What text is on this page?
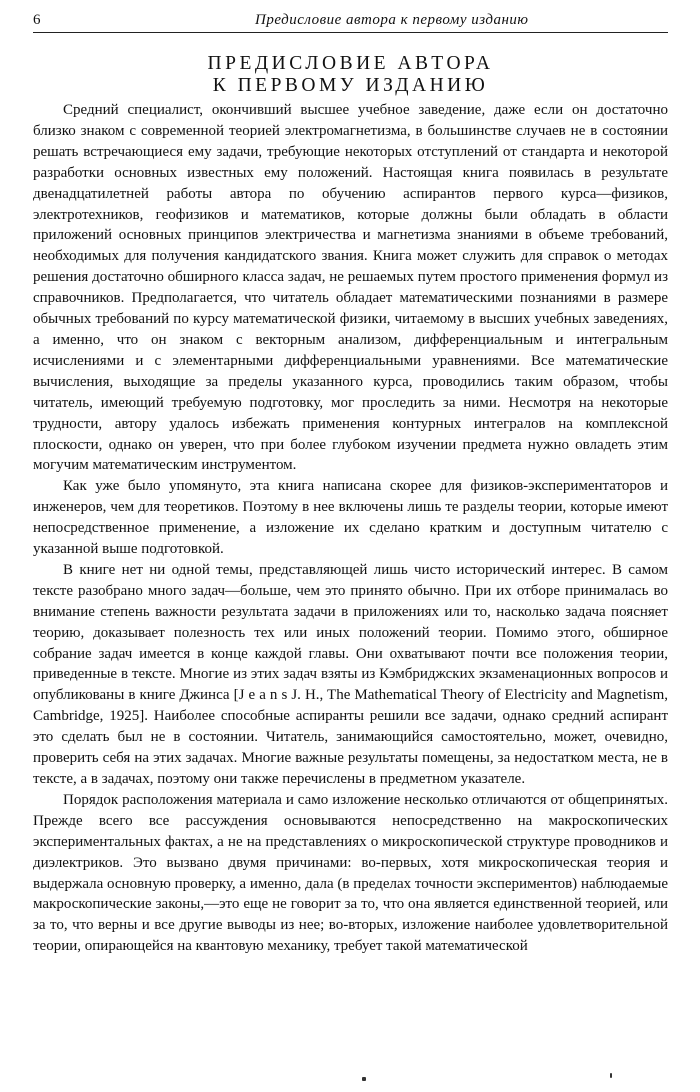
6	Предисловие автора к первому изданию
ПРЕДИСЛОВИЕ АВТОРА
К ПЕРВОМУ ИЗДАНИЮ

Средний специалист, окончивший высшее учебное заведение, даже если он достаточно близко знаком с современной теорией электромагнетизма, в большинстве случаев не в состоянии решать встречающиеся ему задачи, требующие некоторых отступлений от стандарта и некоторой разработки основных известных ему положений. Настоящая книга появилась в результате двенадцатилетней работы автора по обучению аспирантов первого курса—физиков, электротехников, геофизиков и математиков, которые должны были обладать в области приложений основных принципов электричества и магнетизма знаниями в объеме требований, необходимых для получения кандидатского звания. Книга может служить для справок о методах решения достаточно обширного класса задач, не решаемых путем простого применения формул из справочников. Предполагается, что читатель обладает математическими познаниями в размере обычных требований по курсу математической физики, читаемому в высших учебных заведениях, а именно, что он знаком с векторным анализом, дифференциальным и интегральным исчислениями и с элементарными дифференциальными уравнениями. Все математические вычисления, выходящие за пределы указанного курса, проводились таким образом, чтобы читатель, имеющий требуемую подготовку, мог проследить за ними. Несмотря на некоторые трудности, автору удалось избежать применения контурных интегралов на комплексной плоскости, однако он уверен, что при более глубоком изучении предмета нужно овладеть этим могучим математическим инструментом.

Как уже было упомянуто, эта книга написана скорее для физиков-экспериментаторов и инженеров, чем для теоретиков. Поэтому в нее включены лишь те разделы теории, которые имеют непосредственное применение, а изложение их сделано кратким и доступным читателю с указанной выше подготовкой.

В книге нет ни одной темы, представляющей лишь чисто исторический интерес. В самом тексте разобрано много задач—больше, чем это принято обычно. При их отборе принималась во внимание степень важности результата задачи в приложениях или то, насколько задача поясняет теорию, доказывает полезность тех или иных положений теории. Помимо этого, обширное собрание задач имеется в конце каждой главы. Они охватывают почти все положения теории, приведенные в тексте. Многие из этих задач взяты из Кэмбриджских экзаменационных вопросов и опубликованы в книге Джинса [J e a n s J. H., The Mathematical Theory of Electricity and Magnetism, Cambridge, 1925]. Наиболее способные аспиранты решили все задачи, однако средний аспирант это сделать был не в состоянии. Читатель, занимающийся самостоятельно, может, очевидно, проверить себя на этих задачах. Многие важные результаты помещены, за недостатком места, не в тексте, а в задачах, поэтому они также перечислены в предметном указателе.

Порядок расположения материала и само изложение несколько отличаются от общепринятых. Прежде всего все рассуждения основываются непосредственно на макроскопических экспериментальных фактах, а не на представлениях о микроскопической структуре проводников и диэлектриков. Это вызвано двумя причинами: во-первых, хотя микроскопическая теория и выдержала основную проверку, а именно, дала (в пределах точности экспериментов) наблюдаемые макроскопические законы,—это еще не говорит за то, что она является единственной теорией, или за то, что верны и все другие выводы из нее; во-вторых, изложение наиболее удовлетворительной теории, опирающейся на квантовую механику, требует такой математической
